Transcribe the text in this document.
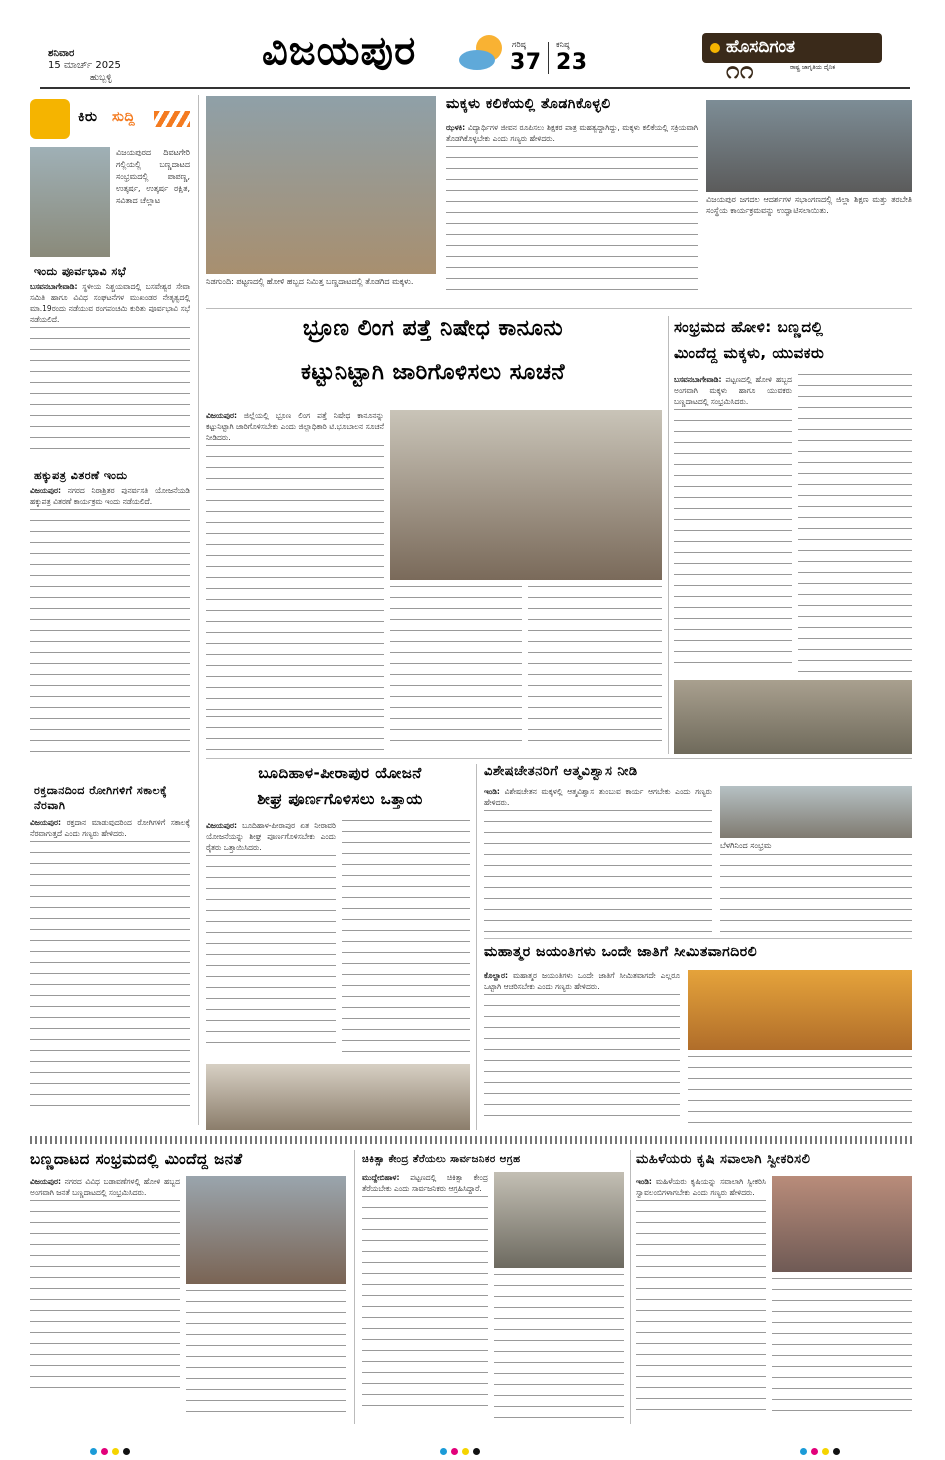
ಶನಿವಾರ
15 ಮಾರ್ಚ್ 2025
ಹುಬ್ಬಳ್ಳಿ
ವಿಜಯಪುರ	ಗರಿಷ್ಠ
37
ಕನಿಷ್ಠ
23
ಹೊಸದಿಗಂತ
ರಾಷ್ಟ್ರ ಜಾಗೃತಿಯ ದೈನಿಕ
೧೧
ಕಿರು ಸುದ್ದಿ
ವಿಜಯಪುರದ ದಿವಟಗೇರಿ ಗಲ್ಲಿಯಲ್ಲಿ ಬಣ್ಣದಾಟದ ಸಂಭ್ರಮದಲ್ಲಿ ಪಾಪಣ್ಣ, ಉತ್ಕರ್ಷ, ಉತ್ಕರ್ಷ ರಕ್ಷಿತ, ಸವಿತಾದ ಚೆಲ್ಲಾಟ
ಇಂದು ಪೂರ್ವಭಾವಿ ಸಭೆ
ಬಸವನಬಾಗೇವಾಡಿ: ಸ್ಥಳೀಯ ನಿಶ್ಚಯವಾದಲ್ಲಿ ಬಸವೇಶ್ವರ ಸೇವಾ ಸಮಿತಿ ಹಾಗೂ ವಿವಿಧ ಸಂಘಟನೆಗಳ ಮುಖಂಡರ ನೇತೃತ್ವದಲ್ಲಿ ಮಾ.19ರಂದು ನಡೆಯುವ ರಂಗಪಂಚಮಿ ಕುರಿತು ಪೂರ್ವಭಾವಿ ಸಭೆ ನಡೆಯಲಿದೆ.
ಹಕ್ಕುಪತ್ರ ವಿತರಣೆ ಇಂದು
ವಿಜಯಪುರ: ನಗರದ ನಿರಾಶ್ರಿತರ ಪುನರ್ವಸತಿ ಯೋಜನೆಯಡಿ ಹಕ್ಕುಪತ್ರ ವಿತರಣೆ ಕಾರ್ಯಕ್ರಮ ಇಂದು ನಡೆಯಲಿದೆ.
ರಕ್ತದಾನದಿಂದ ರೋಗಿಗಳಿಗೆ ಸಕಾಲಕ್ಕೆ ನೆರವಾಗಿ
ವಿಜಯಪುರ: ರಕ್ತದಾನ ಮಾಡುವುದರಿಂದ ರೋಗಿಗಳಿಗೆ ಸಕಾಲಕ್ಕೆ ನೆರವಾಗುತ್ತದೆ ಎಂದು ಗಣ್ಯರು ಹೇಳಿದರು.
ನಿಡಗುಂದಿ: ಪಟ್ಟಣದಲ್ಲಿ ಹೋಳಿ ಹಬ್ಬದ ನಿಮಿತ್ತ ಬಣ್ಣದಾಟದಲ್ಲಿ ತೊಡಗಿದ ಮಕ್ಕಳು.
ಮಕ್ಕಳು ಕಲಿಕೆಯಲ್ಲಿ ತೊಡಗಿಕೊಳ್ಳಲಿ
ಝಳಕಿ: ವಿದ್ಯಾರ್ಥಿಗಳ ಜೀವನ ರೂಪಿಸಲು ಶಿಕ್ಷಕರ ಪಾತ್ರ ಮಹತ್ವದ್ದಾಗಿದ್ದು, ಮಕ್ಕಳು ಕಲಿಕೆಯಲ್ಲಿ ಸಕ್ರಿಯವಾಗಿ ತೊಡಗಿಕೊಳ್ಳಬೇಕು ಎಂದು ಗಣ್ಯರು ಹೇಳಿದರು.
ವಿಜಯಪುರ ಜಗದಲ ಆದರ್ಶಗಳ ಸಭಾಂಗಣದಲ್ಲಿ ಜಿಲ್ಲಾ ಶಿಕ್ಷಣ ಮತ್ತು ತರಬೇತಿ ಸಂಸ್ಥೆಯ ಕಾರ್ಯಕ್ರಮವನ್ನು ಉದ್ಘಾಟಿಸಲಾಯಿತು.
ಭ್ರೂಣ ಲಿಂಗ ಪತ್ತೆ ನಿಷೇಧ ಕಾನೂನು
ಕಟ್ಟುನಿಟ್ಟಾಗಿ ಜಾರಿಗೊಳಿಸಲು ಸೂಚನೆ
ವಿಜಯಪುರ: ಜಿಲ್ಲೆಯಲ್ಲಿ ಭ್ರೂಣ ಲಿಂಗ ಪತ್ತೆ ನಿಷೇಧ ಕಾನೂನನ್ನು ಕಟ್ಟುನಿಟ್ಟಾಗಿ ಜಾರಿಗೊಳಿಸಬೇಕು ಎಂದು ಜಿಲ್ಲಾಧಿಕಾರಿ ಟಿ.ಭೂಬಾಲನ ಸೂಚನೆ ನೀಡಿದರು.
ಸಂಭ್ರಮದ ಹೋಳಿ: ಬಣ್ಣದಲ್ಲಿ
ಮಿಂದೆದ್ದ ಮಕ್ಕಳು, ಯುವಕರು
ಬಸವನಬಾಗೇವಾಡಿ: ಪಟ್ಟಣದಲ್ಲಿ ಹೋಳಿ ಹಬ್ಬದ ಅಂಗವಾಗಿ ಮಕ್ಕಳು ಹಾಗೂ ಯುವಕರು ಬಣ್ಣದಾಟದಲ್ಲಿ ಸಂಭ್ರಮಿಸಿದರು.
ಬೂದಿಹಾಳ-ಪೀರಾಪುರ ಯೋಜನೆ
ಶೀಘ್ರ ಪೂರ್ಣಗೊಳಿಸಲು ಒತ್ತಾಯ
ವಿಜಯಪುರ: ಬೂದಿಹಾಳ-ಪೀರಾಪುರ ಏತ ನೀರಾವರಿ ಯೋಜನೆಯನ್ನು ಶೀಘ್ರ ಪೂರ್ಣಗೊಳಿಸಬೇಕು ಎಂದು ರೈತರು ಒತ್ತಾಯಿಸಿದರು.
ವಿಶೇಷಚೇತನರಿಗೆ ಆತ್ಮವಿಶ್ವಾಸ ನೀಡಿ
ಇಂಡಿ: ವಿಶೇಷಚೇತನ ಮಕ್ಕಳಲ್ಲಿ ಆತ್ಮವಿಶ್ವಾಸ ತುಂಬುವ ಕಾರ್ಯ ಆಗಬೇಕು ಎಂದು ಗಣ್ಯರು ಹೇಳಿದರು.
ಬೆಳಗಿನಿಂದ ಸಂಭ್ರಮ
ಮಹಾತ್ಮರ ಜಯಂತಿಗಳು ಒಂದೇ ಜಾತಿಗೆ ಸೀಮಿತವಾಗದಿರಲಿ
ಕೊಲ್ಹಾರ: ಮಹಾತ್ಮರ ಜಯಂತಿಗಳು ಒಂದೇ ಜಾತಿಗೆ ಸೀಮಿತವಾಗದೇ ಎಲ್ಲರೂ ಒಟ್ಟಾಗಿ ಆಚರಿಸಬೇಕು ಎಂದು ಗಣ್ಯರು ಹೇಳಿದರು.
ಬಣ್ಣದಾಟದ ಸಂಭ್ರಮದಲ್ಲಿ ಮಿಂದೆದ್ದ ಜನತೆ
ವಿಜಯಪುರ: ನಗರದ ವಿವಿಧ ಬಡಾವಣೆಗಳಲ್ಲಿ ಹೋಳಿ ಹಬ್ಬದ ಅಂಗವಾಗಿ ಜನತೆ ಬಣ್ಣದಾಟದಲ್ಲಿ ಸಂಭ್ರಮಿಸಿದರು.
ಚಿಕಿತ್ಸಾ ಕೇಂದ್ರ ತೆರೆಯಲು ಸಾರ್ವಜನಿಕರ ಆಗ್ರಹ
ಮುದ್ದೇಬಿಹಾಳ: ಪಟ್ಟಣದಲ್ಲಿ ಚಿಕಿತ್ಸಾ ಕೇಂದ್ರ ತೆರೆಯಬೇಕು ಎಂದು ಸಾರ್ವಜನಿಕರು ಆಗ್ರಹಿಸಿದ್ದಾರೆ.
ಮಹಿಳೆಯರು ಕೃಷಿ ಸವಾಲಾಗಿ ಸ್ವೀಕರಿಸಲಿ
ಇಂಡಿ: ಮಹಿಳೆಯರು ಕೃಷಿಯನ್ನು ಸವಾಲಾಗಿ ಸ್ವೀಕರಿಸಿ ಸ್ವಾವಲಂಬಿಗಳಾಗಬೇಕು ಎಂದು ಗಣ್ಯರು ಹೇಳಿದರು.
